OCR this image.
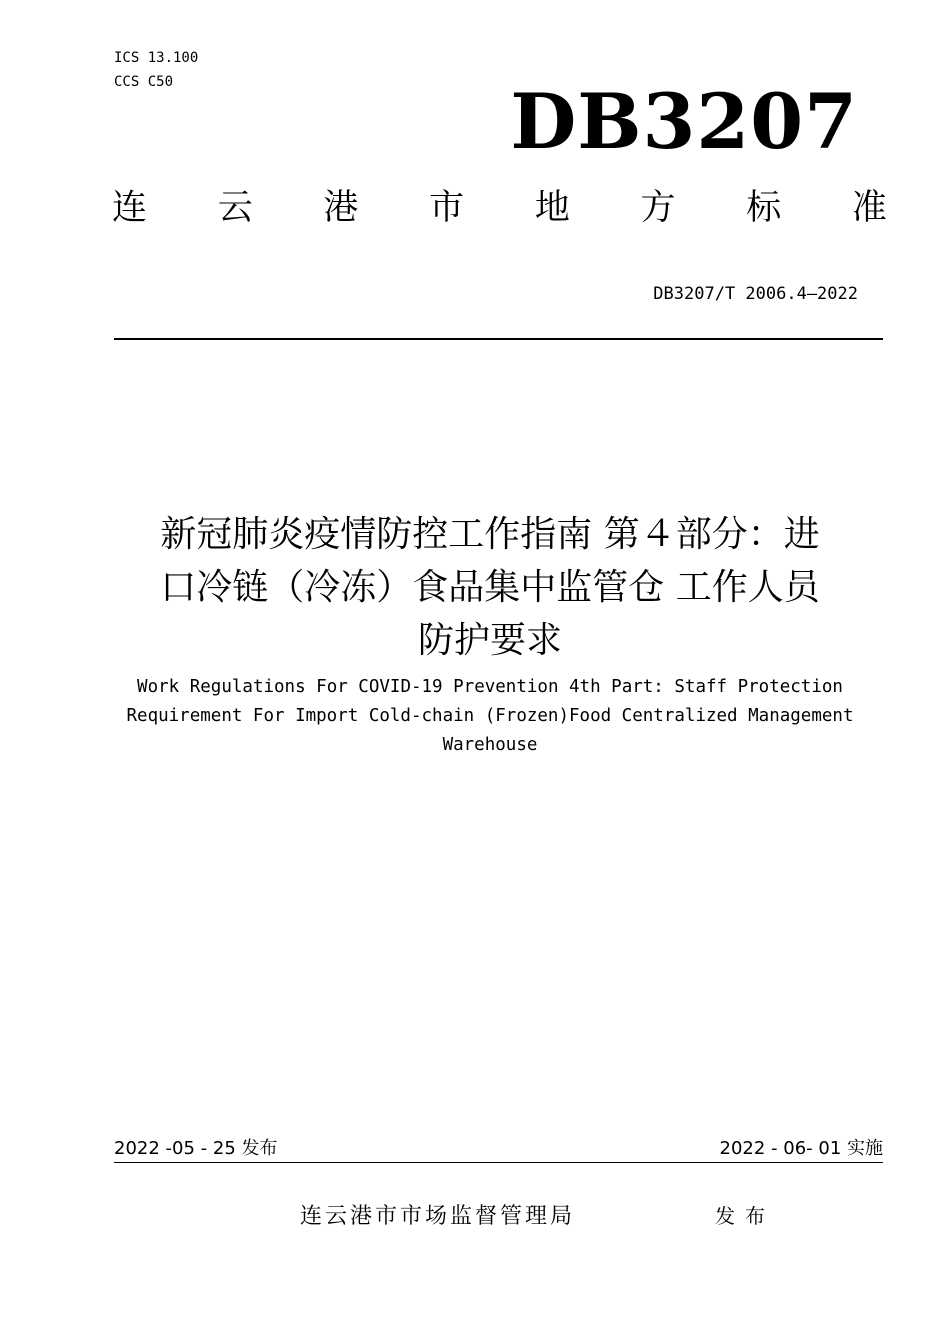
ICS 13.100
CCS C50	DB3207
连 云 港 市 地 方 标 准
DB3207/T 2006.4—2022
新冠肺炎疫情防控工作指南 第４部分：进
口冷链（冷冻）食品集中监管仓 工作人员
防护要求
Work Regulations For COVID-19 Prevention 4th Part: Staff Protection
Requirement For Import Cold-chain (Frozen)Food Centralized Management
Warehouse
2022 -05 - 25 发布	2022 - 06- 01 实施
连云港市市场监督管理局	发布
